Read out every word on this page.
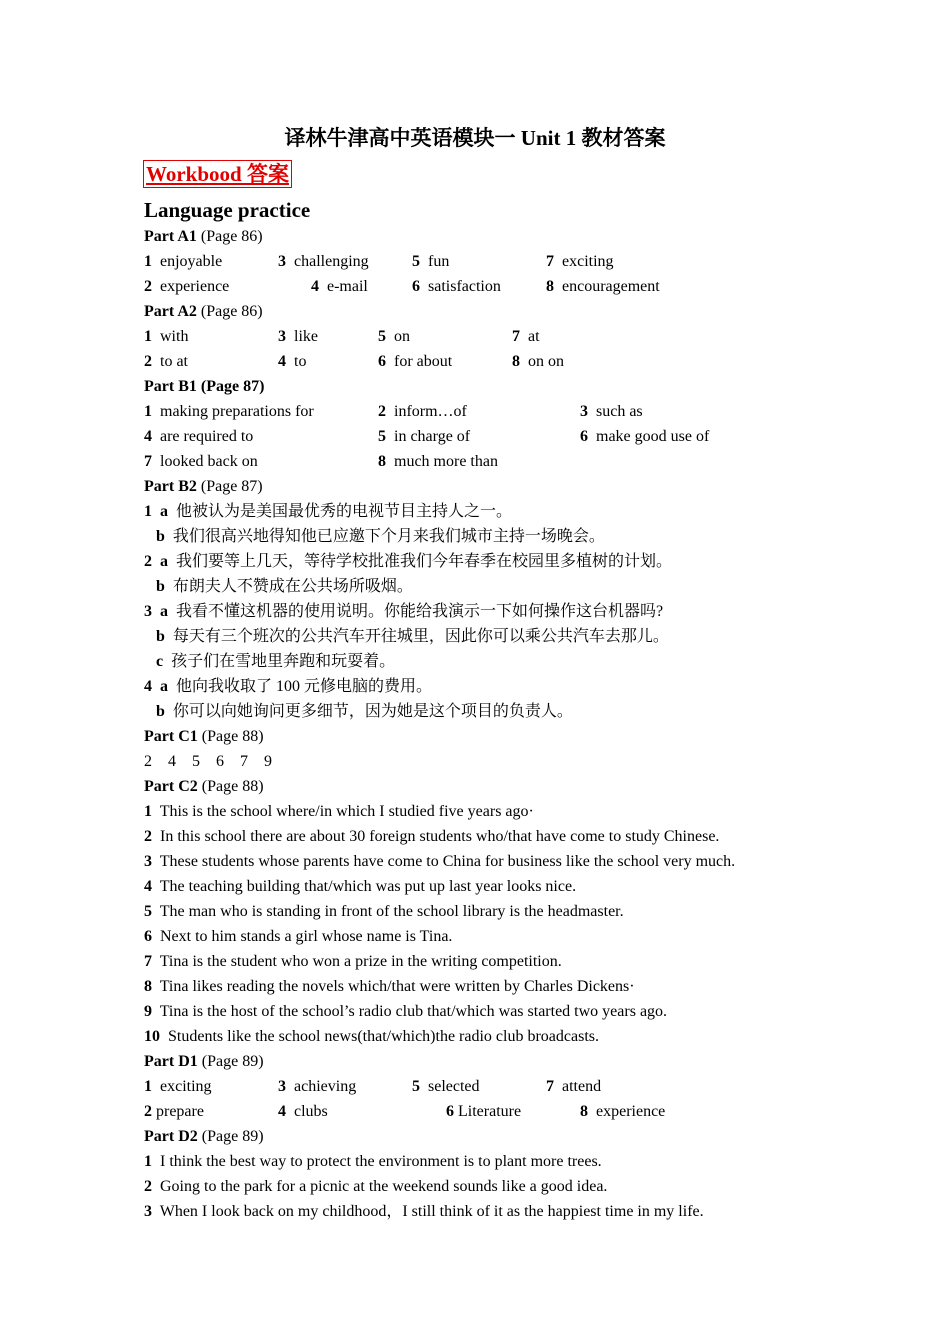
译林牛津高中英语模块一 Unit 1 教材答案
Workbood 答案
Language practice
Part A1 (Page 86)
1 enjoyable	3 challenging	5 fun	7 exciting
2 experience	4 e-mail	6 satisfaction	8 encouragement
Part A2 (Page 86)
1 with	3 like	5 on	7 at
2 to at	4 to	6 for about	8 on on
Part B1 (Page 87)
1 making preparations for	2 inform…of	3 such as
4 are required to	5 in charge of	6 make good use of
7 looked back on	8 much more than
Part B2 (Page 87)
1 a 他被认为是美国最优秀的电视节目主持人之一。
b 我们很高兴地得知他已应邀下个月来我们城市主持一场晚会。
2 a 我们要等上几天，等待学校批准我们今年春季在校园里多植树的计划。
b 布朗夫人不赞成在公共场所吸烟。
3 a 我看不懂这机器的使用说明。你能给我演示一下如何操作这台机器吗?
b 每天有三个班次的公共汽车开往城里，因此你可以乘公共汽车去那儿。
c 孩子们在雪地里奔跑和玩耍着。
4 a 他向我收取了 100 元修电脑的费用。
b 你可以向她询问更多细节，因为她是这个项目的负责人。
Part C1 (Page 88)
2    4    5    6    7    9
Part C2 (Page 88)
1 This is the school where/in which I studied five years ago·
2 In this school there are about 30 foreign students who/that have come to study Chinese.
3 These students whose parents have come to China for business like the school very much.
4 The teaching building that/which was put up last year looks nice.
5 The man who is standing in front of the school library is the headmaster.
6 Next to him stands a girl whose name is Tina.
7 Tina is the student who won a prize in the writing competition.
8 Tina likes reading the novels which/that were written by Charles Dickens·
9 Tina is the host of the school’s radio club that/which was started two years ago.
10 Students like the school news(that/which)the radio club broadcasts.
Part D1 (Page 89)
1 exciting	3 achieving	5 selected	7 attend
2 prepare	4 clubs	6 Literature	8 experience
Part D2 (Page 89)
1 I think the best way to protect the environment is to plant more trees.
2 Going to the park for a picnic at the weekend sounds like a good idea.
3 When I look back on my childhood，I still think of it as the happiest time in my life.
